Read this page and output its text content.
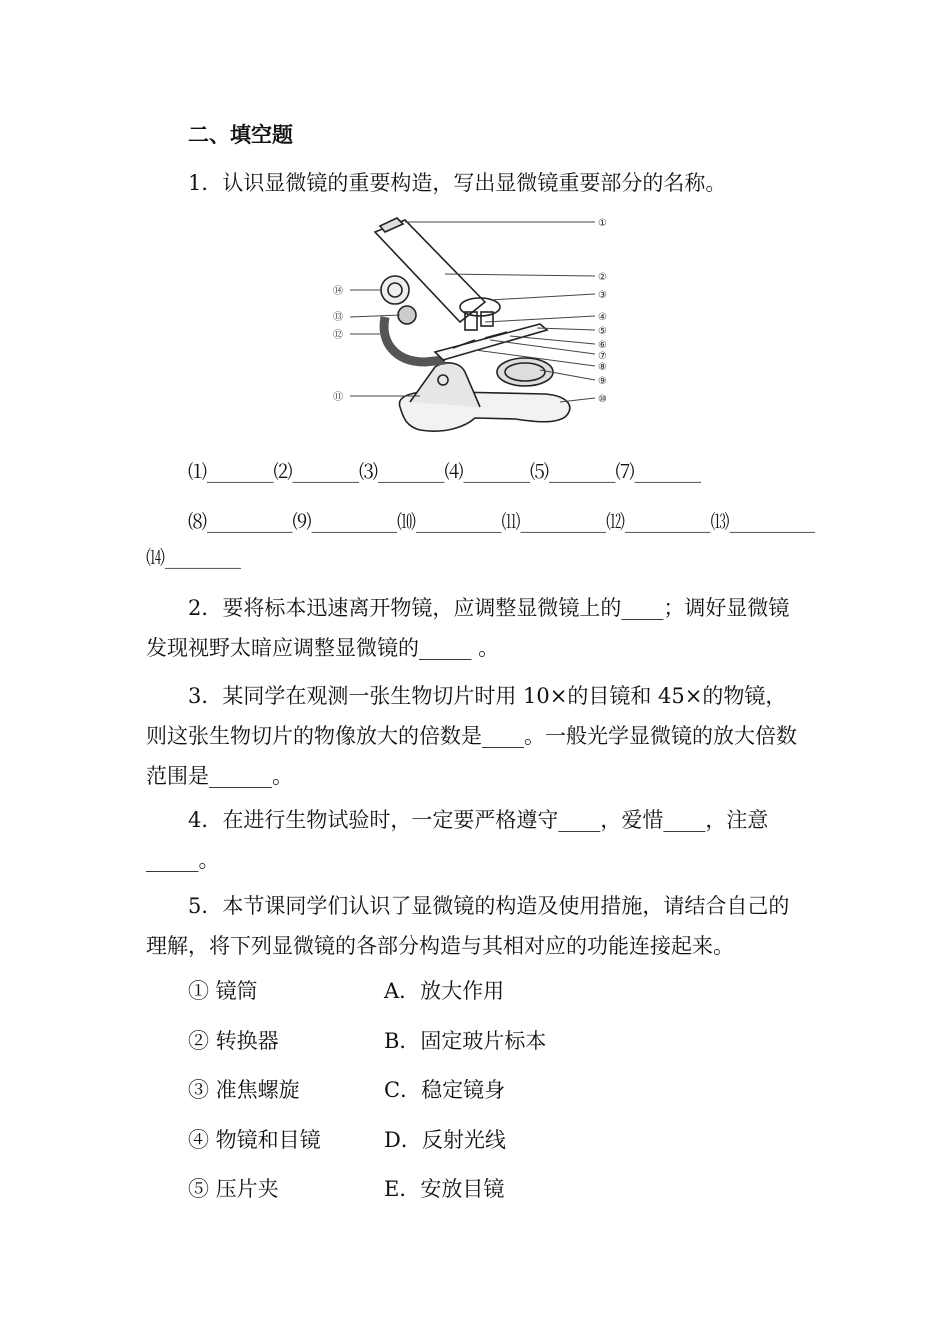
二、填空题
1．认识显微镜的重要构造，写出显微镜重要部分的名称。
①
②
③
④
⑤
⑥
⑦
⑧
⑨
⑩
⑪
⑫
⑬
⑭
⑴_______⑵_______⑶_______⑷_______⑸_______⑺_______
⑻_________⑼_________⑽_________⑾_________⑿_________⒀_________
⒁________
2．要将标本迅速离开物镜，应调整显微镜上的____；调好显微镜发现视野太暗应调整显微镜的_____ 。
3．某同学在观测一张生物切片时用 10×的目镜和 45×的物镜，则这张生物切片的物像放大的倍数是____。一般光学显微镜的放大倍数范围是______。
4．在进行生物试验时，一定要严格遵守____，爱惜____，注意_____。
5．本节课同学们认识了显微镜的构造及使用措施，请结合自己的理解，将下列显微镜的各部分构造与其相对应的功能连接起来。
① 镜筒	A．放大作用
② 转换器	B．固定玻片标本
③ 准焦螺旋	C．稳定镜身
④ 物镜和目镜	D．反射光线
⑤ 压片夹	E．安放目镜
